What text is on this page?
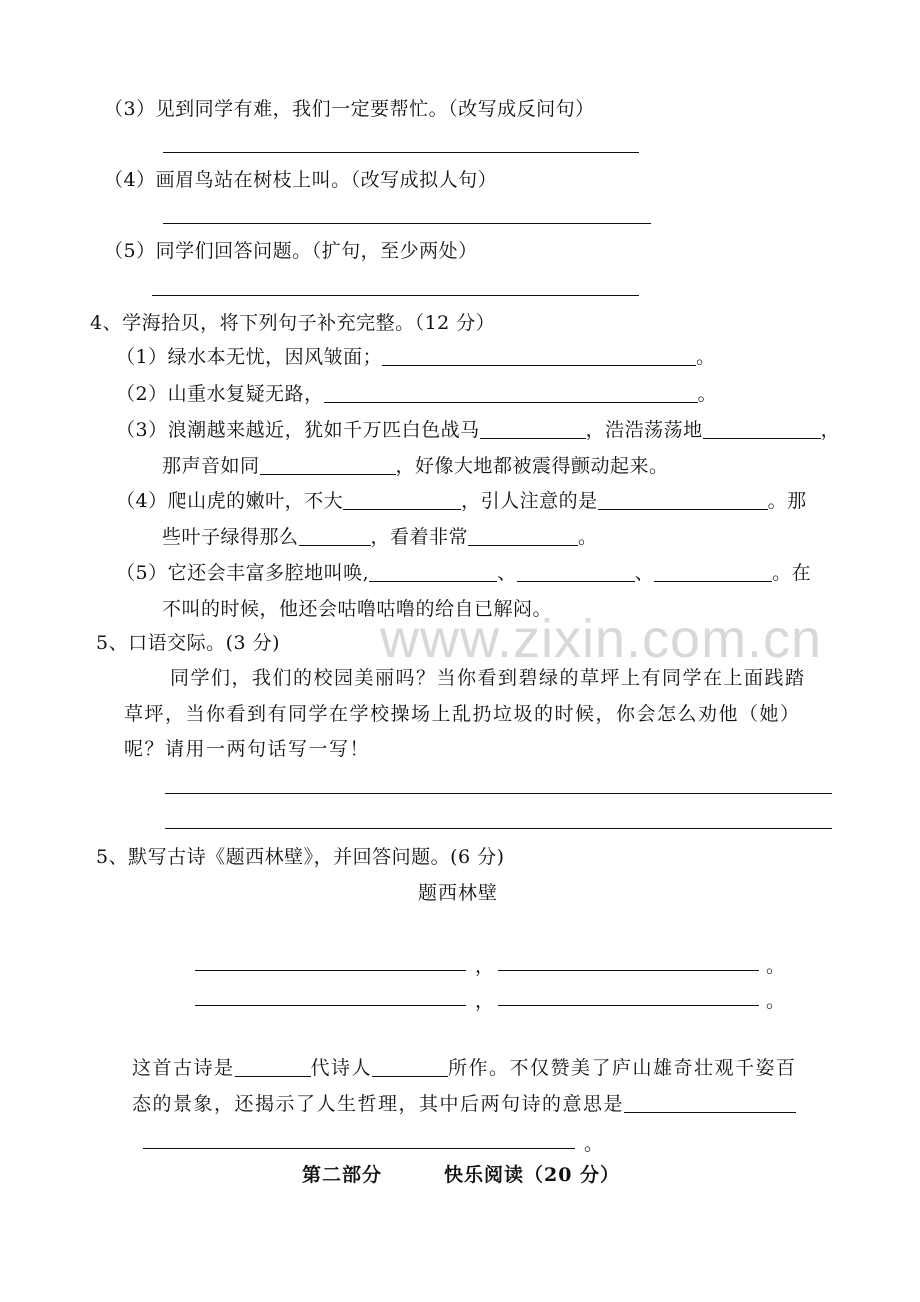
（3）见到同学有难，我们一定要帮忙。（改写成反问句）
（4）画眉鸟站在树枝上叫。（改写成拟人句）
（5）同学们回答问题。（扩句，至少两处）
4、学海拾贝，将下列句子补充完整。（12 分）
（1）绿水本无忧，因风皱面；	。
（2）山重水复疑无路，	。
（3）浪潮越来越近，犹如千万匹白色战马	，浩浩荡荡地	，
那声音如同	，好像大地都被震得颤动起来。
（4）爬山虎的嫩叶，不大	，引人注意的是	。那
些叶子绿得那么	，看着非常	。
（5）它还会丰富多腔地叫唤,	、	、	。在
不叫的时候，他还会咕噜咕噜的给自已解闷。
www.zixin.com.cn
5、口语交际。(3 分)
同学们，我们的校园美丽吗？当你看到碧绿的草坪上有同学在上面践踏
草坪，当你看到有同学在学校操场上乱扔垃圾的时候，你会怎么劝他（她）
呢？请用一两句话写一写！
5、默写古诗《题西林壁》，并回答问题。(6 分)
题西林壁
，	。
，	。
这首古诗是	代诗人	所作。不仅赞美了庐山雄奇壮观千姿百
态的景象，还揭示了人生哲理，其中后两句诗的意思是
。
第二部分	快乐阅读（20 分）
